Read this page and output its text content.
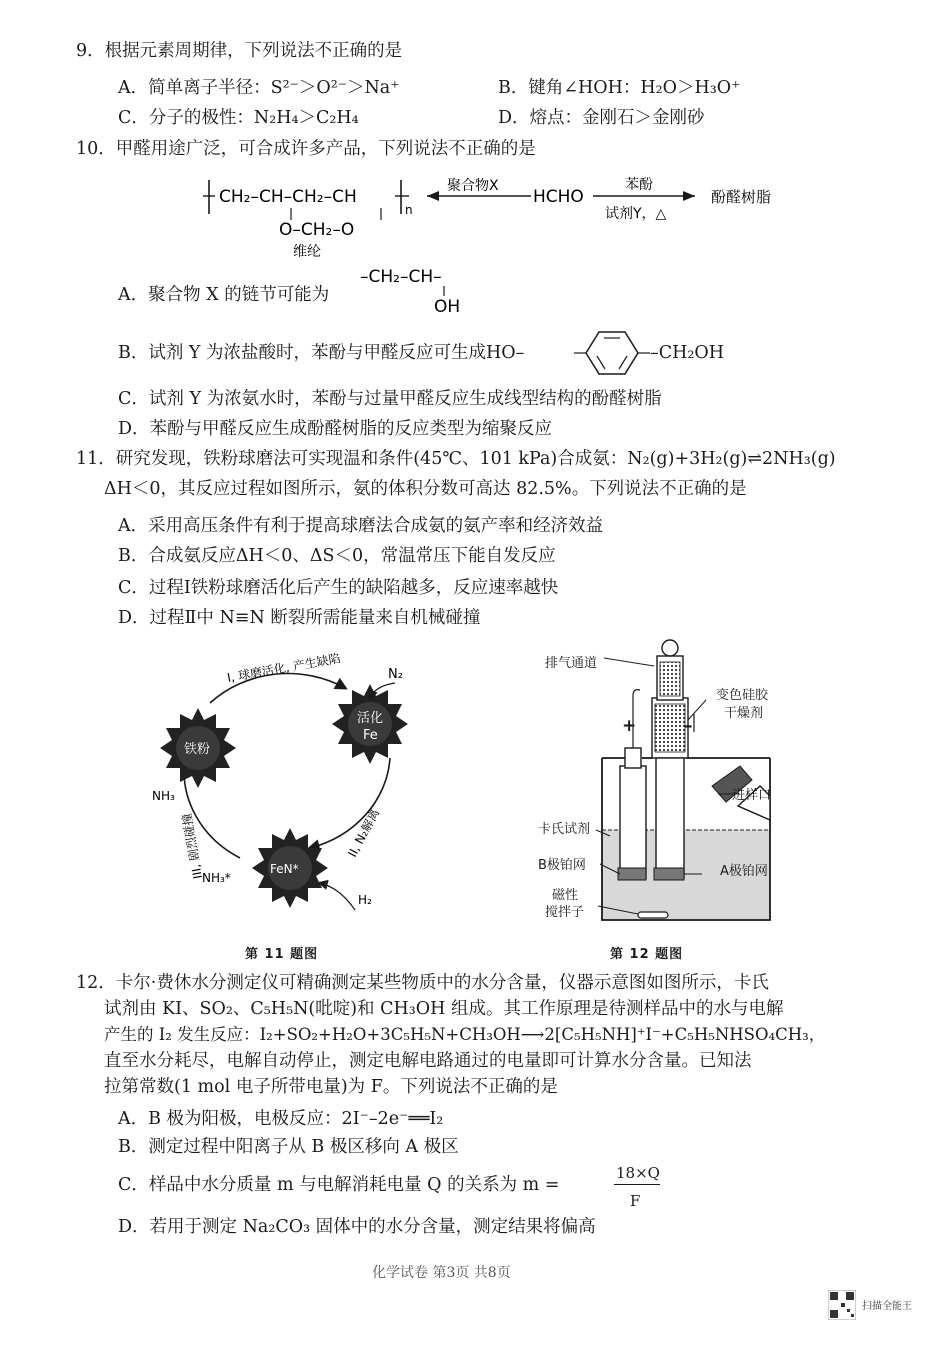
9．根据元素周期律，下列说法不正确的是
A．简单离子半径：S²⁻＞O²⁻＞Na⁺	B．键角∠HOH：H₂O＞H₃O⁺
C．分子的极性：N₂H₄＞C₂H₄	D．熔点：金刚石＞金刚砂
10．甲醛用途广泛，可合成许多产品，下列说法不正确的是
CH₂–CH–CH₂–CH
n
O–CH₂–O
维纶
聚合物X
HCHO
苯酚
试剂Y，△
酚醛树脂
A．聚合物 X 的链节可能为
–CH₂–CH–
OH
B．试剂 Y 为浓盐酸时，苯酚与甲醛反应可生成HO–	–CH₂OH
C．试剂 Y 为浓氨水时，苯酚与过量甲醛反应生成线型结构的酚醛树脂
D．苯酚与甲醛反应生成酚醛树脂的反应类型为缩聚反应
11．研究发现，铁粉球磨法可实现温和条件(45℃、101 kPa)合成氨：N₂(g)+3H₂(g)⇌2NH₃(g)
ΔH＜0，其反应过程如图所示，氨的体积分数可高达 82.5%。下列说法不正确的是
A．采用高压条件有利于提高球磨法合成氨的氨产率和经济效益
B．合成氨反应ΔH＜0、ΔS＜0，常温常压下能自发反应
C．过程Ⅰ铁粉球磨活化后产生的缺陷越多，反应速率越快
D．过程Ⅱ中 N≡N 断裂所需能量来自机械碰撞
铁粉
活化
Fe
FeN*
I, 球磨活化, 产生缺陷	N₂
II, N₂解离
III, 剧烈碰撞
NH₃
NH₃*
H₂
第 11 题图
排气通道
变色硅胶
干燥剂
+	–
进样口
卡氏试剂
B极铂网	A极铂网
磁性
搅拌子
第 12 题图
12．卡尔·费休水分测定仪可精确测定某些物质中的水分含量，仪器示意图如图所示，卡氏
试剂由 KI、SO₂、C₅H₅N(吡啶)和 CH₃OH 组成。其工作原理是待测样品中的水与电解
产生的 I₂ 发生反应：I₂+SO₂+H₂O+3C₅H₅N+CH₃OH⟶2[C₅H₅NH]⁺I⁻+C₅H₅NHSO₄CH₃，
直至水分耗尽，电解自动停止，测定电解电路通过的电量即可计算水分含量。已知法
拉第常数(1 mol 电子所带电量)为 F。下列说法不正确的是
A．B 极为阳极，电极反应：2I⁻–2e⁻══I₂
B．测定过程中阳离子从 B 极区移向 A 极区
C．样品中水分质量 m 与电解消耗电量 Q 的关系为 m =
18×Q
F
D．若用于测定 Na₂CO₃ 固体中的水分含量，测定结果将偏高
化学试卷 第3页 共8页
扫描全能王
